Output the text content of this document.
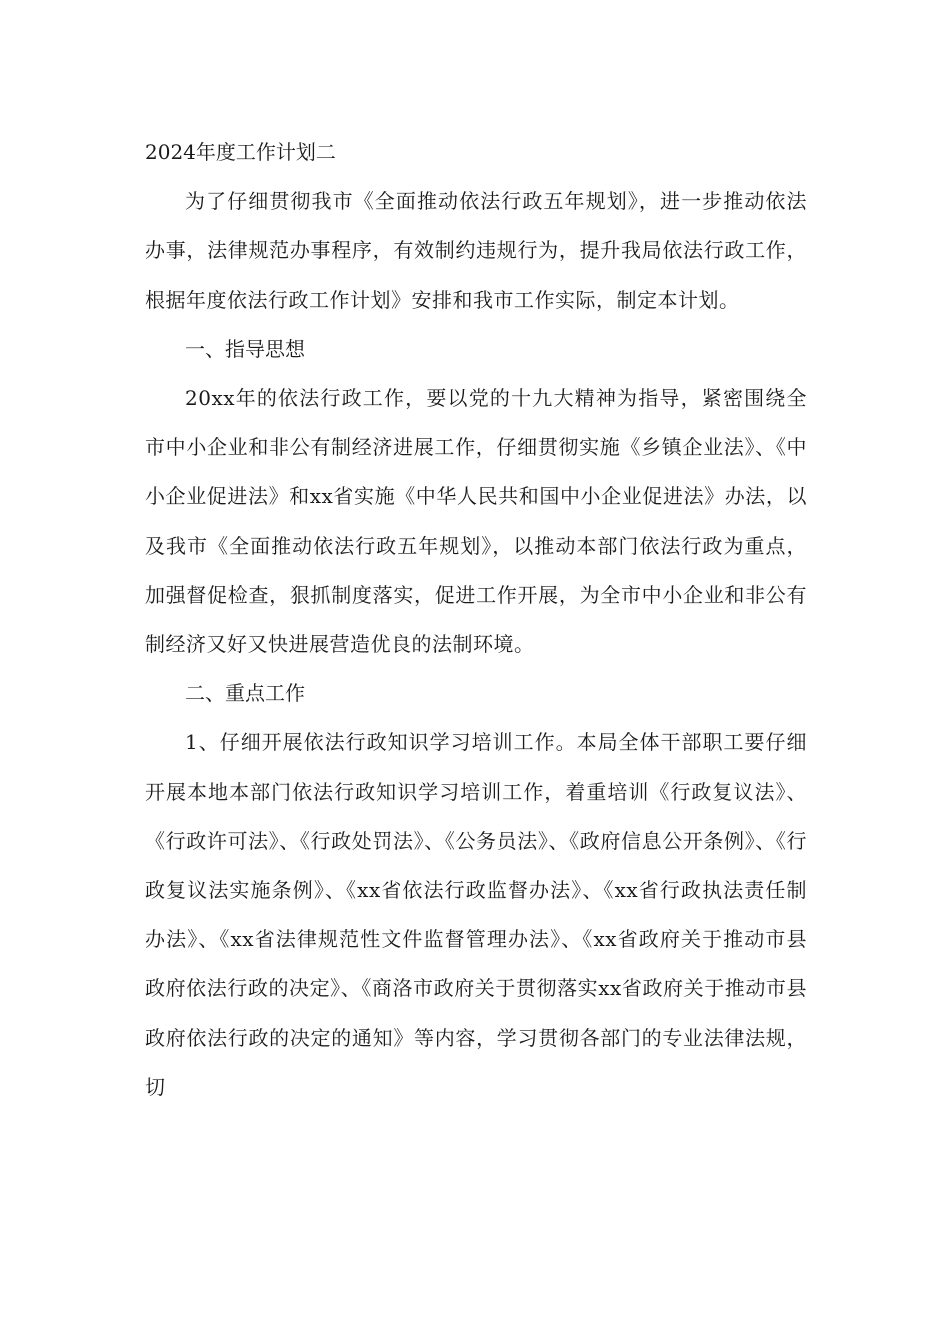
2024年度工作计划二

为了仔细贯彻我市《全面推动依法行政五年规划》，进一步推动依法办事，法律规范办事程序，有效制约违规行为，提升我局依法行政工作，根据年度依法行政工作计划》安排和我市工作实际，制定本计划。

一、指导思想

20xx年的依法行政工作，要以党的十九大精神为指导，紧密围绕全市中小企业和非公有制经济进展工作，仔细贯彻实施《乡镇企业法》、《中小企业促进法》和xx省实施《中华人民共和国中小企业促进法》办法，以及我市《全面推动依法行政五年规划》，以推动本部门依法行政为重点，加强督促检查，狠抓制度落实，促进工作开展，为全市中小企业和非公有制经济又好又快进展营造优良的法制环境。

二、重点工作

1、仔细开展依法行政知识学习培训工作。本局全体干部职工要仔细开展本地本部门依法行政知识学习培训工作，着重培训《行政复议法》、《行政许可法》、《行政处罚法》、《公务员法》、《政府信息公开条例》、《行政复议法实施条例》、《xx省依法行政监督办法》、《xx省行政执法责任制办法》、《xx省法律规范性文件监督管理办法》、《xx省政府关于推动市县政府依法行政的决定》、《商洛市政府关于贯彻落实xx省政府关于推动市县政府依法行政的决定的通知》等内容，学习贯彻各部门的专业法律法规，切
